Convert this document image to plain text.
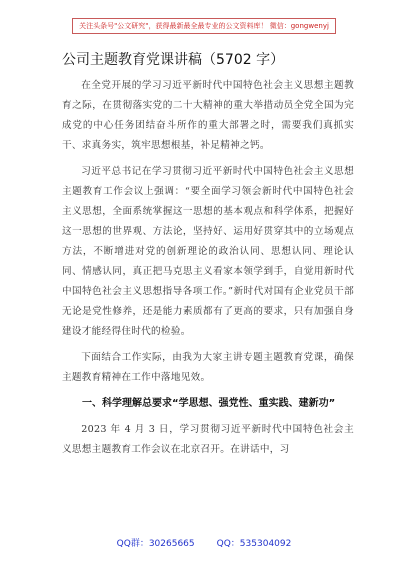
关注头条号"公文研究"，获得最新最全最专业的公文资料库！ 微信：gongwenyj
公司主题教育党课讲稿（5702 字）

在全党开展的学习习近平新时代中国特色社会主义思想主题教育之际，在贯彻落实党的二十大精神的重大举措动员全党全国为完成党的中心任务团结奋斗所作的重大部署之时，需要我们真抓实干、求真务实，筑牢思想根基，补足精神之钙。

习近平总书记在学习贯彻习近平新时代中国特色社会主义思想主题教育工作会议上强调：“要全面学习领会新时代中国特色社会主义思想，全面系统掌握这一思想的基本观点和科学体系，把握好这一思想的世界观、方法论，坚持好、运用好贯穿其中的立场观点方法，不断增进对党的创新理论的政治认同、思想认同、理论认同、情感认同，真正把马克思主义看家本领学到手，自觉用新时代中国特色社会主义思想指导各项工作。”新时代对国有企业党员干部无论是党性修养，还是能力素质都有了更高的要求，只有加强自身建设才能经得住时代的检验。

下面结合工作实际，由我为大家主讲专题主题教育党课，确保主题教育精神在工作中落地见效。

一、科学理解总要求“学思想、强党性、重实践、建新功”

2023 年 4 月 3 日，学习贯彻习近平新时代中国特色社会主义思想主题教育工作会议在北京召开。在讲话中，习

QQ群：30265665 QQ：535304092
